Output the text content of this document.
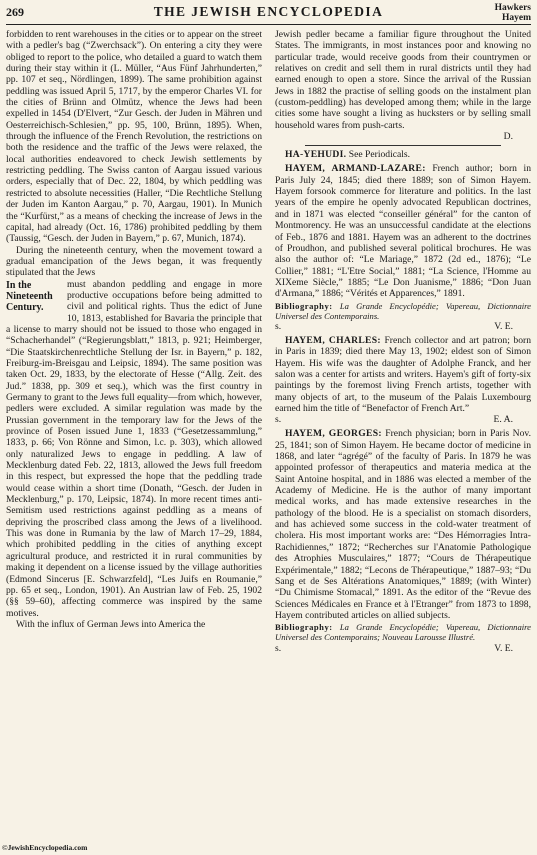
269	THE JEWISH ENCYCLOPEDIA	Hawkers
Hayem

forbidden to rent warehouses in the cities or to appear on the street with a pedler's bag (“Zwerchsack”). On entering a city they were obliged to report to the police, who detailed a guard to watch them during their stay within it (L. Müller, “Aus Fünf Jahrhunderten,” pp. 107 et seq., Nördlingen, 1899). The same prohibition against peddling was issued April 5, 1717, by the emperor Charles VI. for the cities of Brünn and Olmütz, whence the Jews had been expelled in 1454 (D'Elvert, “Zur Gesch. der Juden in Mähren und Oesterreichisch-Schlesien,” pp. 95, 100, Brünn, 1895). When, through the influence of the French Revolution, the restrictions on both the residence and the traffic of the Jews were relaxed, the local authorities endeavored to check Jewish settlements by restricting peddling. The Swiss canton of Aargau issued various orders, especially that of Dec. 22, 1804, by which peddling was restricted to absolute necessities (Haller, “Die Rechtliche Stellung der Juden im Kanton Aargau,” p. 70, Aargau, 1901). In Munich the “Kurfürst,” as a means of checking the increase of Jews in the capital, had already (Oct. 16, 1786) prohibited peddling by them (Taussig, “Gesch. der Juden in Bayern,” p. 67, Munich, 1874).

During the nineteenth century, when the movement toward a gradual emancipation of the Jews began, it was frequently stipulated that the Jews

In the Nineteenth Century.

must abandon peddling and engage in more productive occupations before being admitted to civil and political rights. Thus the edict of June 10, 1813, established for Bavaria the principle that a license to marry should not be issued to those who engaged in “Schacherhandel” (“Regierungsblatt,” 1813, p. 921; Heimberger, “Die Staatskirchenrechtliche Stellung der Isr. in Bayern,” p. 182, Freiburg-im-Breisgau and Leipsic, 1894). The same position was taken Oct. 29, 1833, by the electorate of Hesse (“Allg. Zeit. des Jud.” 1838, pp. 309 et seq.), which was the first country in Germany to grant to the Jews full equality—from which, however, pedlers were excluded. A similar regulation was made by the Prussian government in the temporary law for the Jews of the province of Posen issued June 1, 1833 (“Gesetzessammlung,” 1833, p. 66; Von Rönne and Simon, l.c. p. 303), which allowed only naturalized Jews to engage in peddling. A law of Mecklenburg dated Feb. 22, 1813, allowed the Jews full freedom in this respect, but expressed the hope that the peddling trade would cease within a short time (Donath, “Gesch. der Juden in Mecklenburg,” p. 170, Leipsic, 1874). In more recent times anti-Semitism used restrictions against peddling as a means of depriving the proscribed class among the Jews of a livelihood. This was done in Rumania by the law of March 17–29, 1884, which prohibited peddling in the cities of anything except agricultural produce, and restricted it in rural communities by making it dependent on a license issued by the village authorities (Edmond Sincerus [E. Schwarzfeld], “Les Juifs en Roumanie,” pp. 65 et seq., London, 1901). An Austrian law of Feb. 25, 1902 (§§ 59–60), affecting commerce was inspired by the same motives.

With the influx of German Jews into America the

Jewish pedler became a familiar figure throughout the United States. The immigrants, in most instances poor and knowing no particular trade, would receive goods from their countrymen or relatives on credit and sell them in rural districts until they had earned enough to open a store. Since the arrival of the Russian Jews in 1882 the practise of selling goods on the instalment plan (custom-peddling) has developed among them; while in the large cities some have sought a living as hucksters or by selling small household wares from push-carts.

D.

HA-YEHUDI. See Periodicals.

HAYEM, ARMAND-LAZARE: French author; born in Paris July 24, 1845; died there 1889; son of Simon Hayem. Hayem forsook commerce for literature and politics. In the last years of the empire he openly advocated Republican doctrines, and in 1871 was elected “conseiller général” for the canton of Montmorency. He was an unsuccessful candidate at the elections of Feb., 1876 and 1881. Hayem was an adherent to the doctrines of Proudhon, and published several political brochures. He was also the author of: “Le Mariage,” 1872 (2d ed., 1876); “Le Collier,” 1881; “L'Etre Social,” 1881; “La Science, l'Homme au XIXeme Siècle,” 1885; “Le Don Juanisme,” 1886; “Don Juan d'Armana,” 1886; “Vérités et Apparences,” 1891.

Bibliography: La Grande Encyclopédie; Vapereau, Dictionnaire Universel des Contemporains.

s.	V. E.

HAYEM, CHARLES: French collector and art patron; born in Paris in 1839; died there May 13, 1902; eldest son of Simon Hayem. His wife was the daughter of Adolphe Franck, and her salon was a center for artists and writers. Hayem's gift of forty-six paintings by the foremost living French artists, together with many objects of art, to the museum of the Palais Luxembourg earned him the title of “Benefactor of French Art.”

s.	E. A.

HAYEM, GEORGES: French physician; born in Paris Nov. 25, 1841; son of Simon Hayem. He became doctor of medicine in 1868, and later “agrégé” of the faculty of Paris. In 1879 he was appointed professor of therapeutics and materia medica at the Saint Antoine hospital, and in 1886 was elected a member of the Academy of Medicine. He is the author of many important medical works, and has made extensive researches in the pathology of the blood. He is a specialist on stomach disorders, and has achieved some success in the cold-water treatment of cholera. His most important works are: “Des Hémorragies Intra-Rachidiennes,” 1872; “Recherches sur l'Anatomie Pathologique des Atrophies Musculaires,” 1877; “Cours de Thérapeutique Expérimentale,” 1882; “Lecons de Thérapeutique,” 1887–93; “Du Sang et de Ses Altérations Anatomiques,” 1889; (with Winter) “Du Chimisme Stomacal,” 1891. As the editor of the “Revue des Sciences Médicales en France et à l'Etranger” from 1873 to 1898, Hayem contributed articles on allied subjects.

Bibliography: La Grande Encyclopédie; Vapereau, Dictionnaire Universel des Contemporains; Nouveau Larousse Illustré.

s.	V. E.
©JewishEncyclopedia.com
